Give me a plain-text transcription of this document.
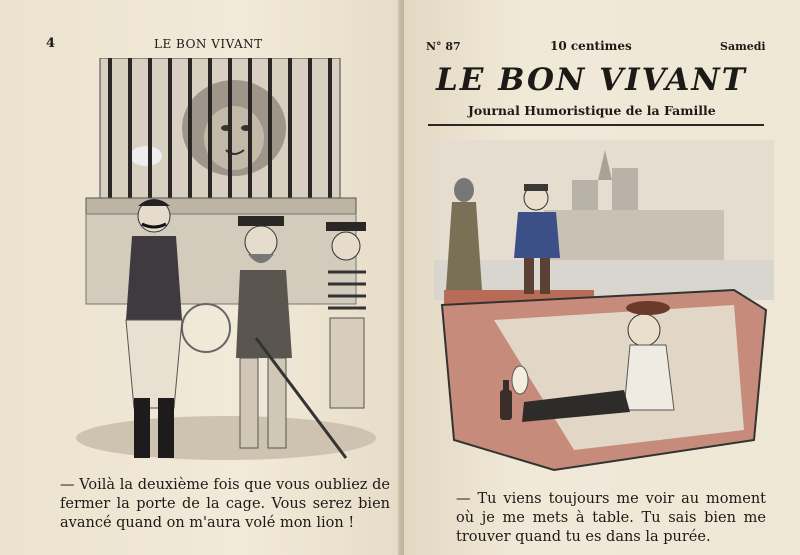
4	LE BON VIVANT
— Voilà la deuxième fois que vous oubliez de fermer la porte de la cage. Vous serez bien avancé quand on m'aura volé mon lion !
N° 87	10 centimes	Samedi
LE BON VIVANT
Journal Humoristique de la Famille
— Tu viens toujours me voir au moment où je me mets à table. Tu sais bien me trouver quand tu es dans la purée.
